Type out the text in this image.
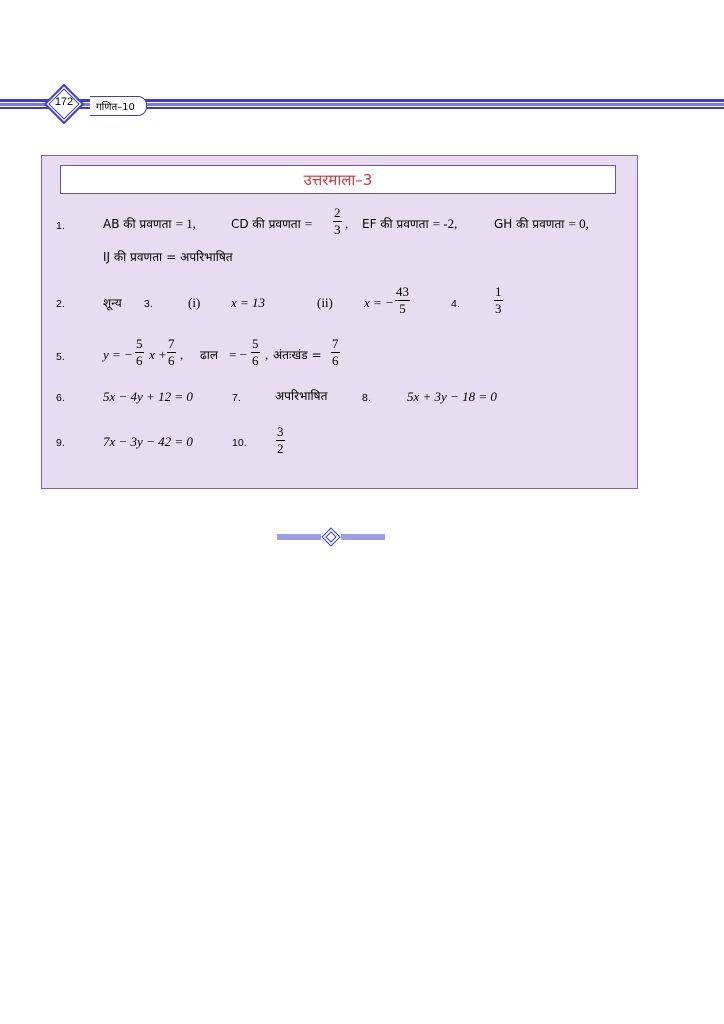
172	गणित–10
उत्तरमाला–3
1.	AB की प्रवणता = 1,	CD की प्रवणता =
2
3 , EF की प्रवणता = -2,	GH की प्रवणता = 0,
IJ की प्रवणता = अपरिभाषित
2.	शून्य 3.	(i) x = 13	(ii) x = −
43
5	4.
1
3
5.	y = −
5
6 x +
7
6 , ढाल = −
5
6 , अंतःखंड =
7
6
6.	5x − 4y + 12 = 0	7.	अपरिभाषित	8.	5x + 3y − 18 = 0
9.	7x − 3y − 42 = 0	10.
3
2
